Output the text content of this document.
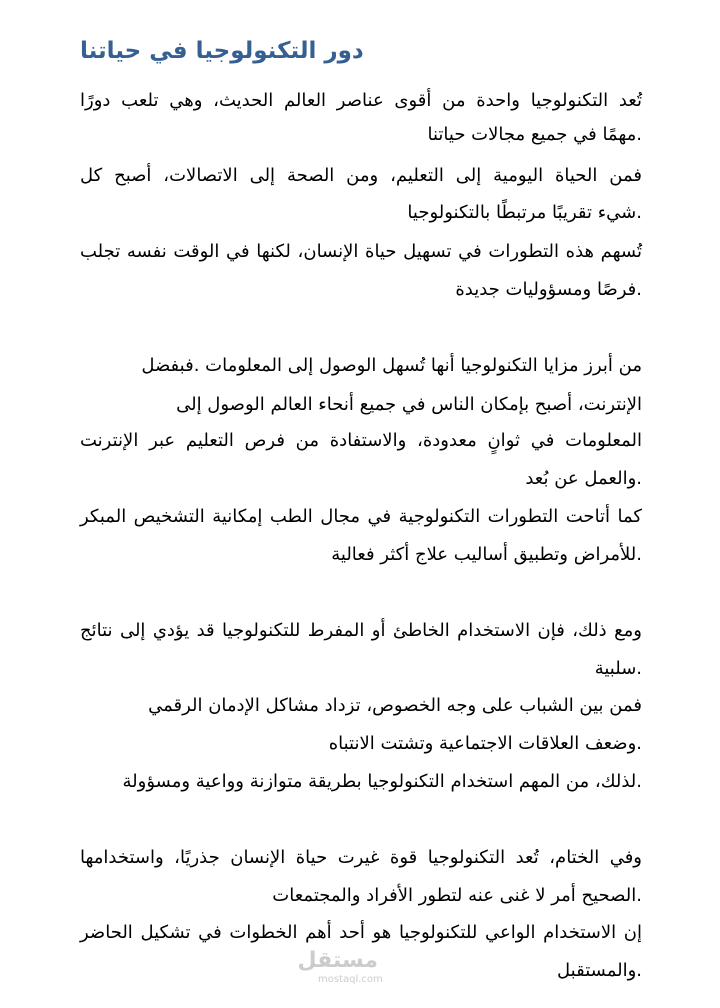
دور التكنولوجيا في حياتنا

تُعد التكنولوجيا واحدة من أقوى عناصر العالم الحديث، وهي تلعب دورًا

.مهمًا في جميع مجالات حياتنا

فمن الحياة اليومية إلى التعليم، ومن الصحة إلى الاتصالات، أصبح كل

.شيء تقريبًا مرتبطًا بالتكنولوجيا

تُسهم هذه التطورات في تسهيل حياة الإنسان، لكنها في الوقت نفسه تجلب

.فرصًا ومسؤوليات جديدة

من أبرز مزايا التكنولوجيا أنها تُسهل الوصول إلى المعلومات .فبفضل

الإنترنت، أصبح بإمكان الناس في جميع أنحاء العالم الوصول إلى

المعلومات في ثوانٍ معدودة، والاستفادة من فرص التعليم عبر الإنترنت

.والعمل عن بُعد

كما أتاحت التطورات التكنولوجية في مجال الطب إمكانية التشخيص المبكر

.للأمراض وتطبيق أساليب علاج أكثر فعالية

ومع ذلك، فإن الاستخدام الخاطئ أو المفرط للتكنولوجيا قد يؤدي إلى نتائج

.سلبية

فمن بين الشباب على وجه الخصوص، تزداد مشاكل الإدمان الرقمي

.وضعف العلاقات الاجتماعية وتشتت الانتباه

.لذلك، من المهم استخدام التكنولوجيا بطريقة متوازنة وواعية ومسؤولة

وفي الختام، تُعد التكنولوجيا قوة غيرت حياة الإنسان جذريًا، واستخدامها

.الصحيح أمر لا غنى عنه لتطور الأفراد والمجتمعات

إن الاستخدام الواعي للتكنولوجيا هو أحد أهم الخطوات في تشكيل الحاضر

.والمستقبل

مستقل
mostaql.com
